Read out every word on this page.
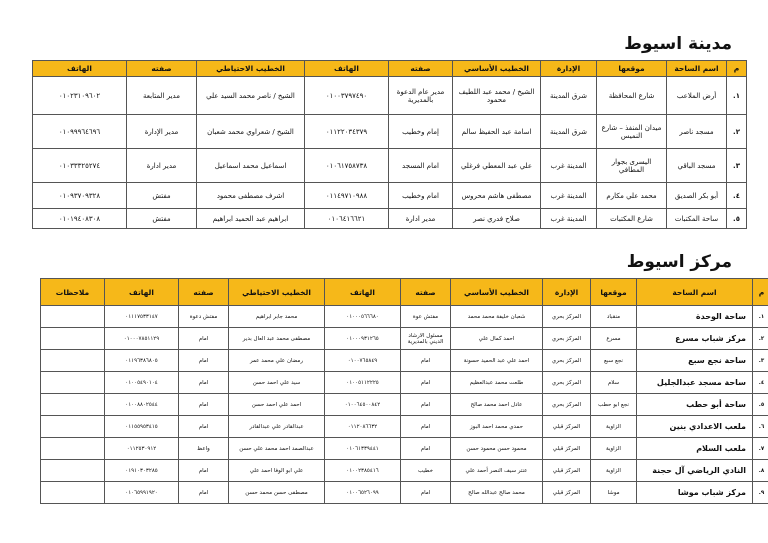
مدينة اسيوط
م	اسم الساحة	موقعها	الإدارة	الخطيب الأساسي	صفته	الهاتف	الخطيب الاحتياطي	صفته	الهاتف
١.	أرض الملاعب	شارع المحافظة	شرق المدينة	الشيخ / محمد عبد اللطيف محمود	مدير عام الدعوة بالمديرية	٠١٠٠٣٧٩٧٤٩٠	الشيخ / ناصر محمد السيد علي	مدير المتابعة	٠١٠٢٣١٠٩٦٠٢
٢.	مسجد ناصر	ميدان المنفذ – شارع النميس	شرق المدينة	اسامة عبد الحفيظ سالم	إمام وخطيب	٠١١٢٢٠٣٤٣٧٩	الشيخ / شعراوي محمد شعبان	مدير الإدارة	٠١٠٩٩٩٦٤٦٩٦
٣.	مسجد الباقي	اليسرى بجوار المطافي	المدينة غرب	علي عبد المعطي فرغلي	امام المسجد	٠١٠٦١٧٥٨٧٣٨	اسماعيل محمد اسماعيل	مدير ادارة	٠١٠٣٣٣٢٥٢٧٤
٤.	أبو بكر الصديق	محمد علي مكارم	المدينة غرب	مصطفى هاشم محروس	امام وخطيب	٠١١٤٩٧١٠٩٨٨	اشرف مصطفى محمود	مفتش	٠١٠٩٣٧٠٩٣٢٨
٥.	ساحة المكتبات	شارع المكتبات	المدينة غرب	صلاح فدري نصر	مدير ادارة	٠١٠٦٤١٦٦٢١	ابراهيم عبد الحميد ابراهيم	مفتش	٠١٠١٩٤٠٨٣٠٨
مركز اسيوط
م	اسم الساحة	موقعها	الإدارة	الخطيب الأساسي	صفته	الهاتف	الخطيب الاحتياطي	صفته	الهاتف	ملاحظات
١.	ساحة الوحدة	منقباد	المركز بحري	شعبان خليفة محمد محمد	مفتش عوة	٠١٠٠٠٥٦٦٦٨٠	محمد جابر ابراهيم	مفتش دعوة	٠١١١٧٥٣٣١٤٧	
٢.	مركز شباب مسرع	مسرع	المركز بحري	احمد كمال علي	مسئول الارشاد الديني بالمديرية	٠١٠٠٠٩٣١٢٦٥	مصطفى محمد عبد العال بدير	امام	٠١٠٠٠٧٨٥١١٢٩	
٣.	ساحة نجع سبع	نجع سبع	المركز بحري	احمد علي عبد الحميد حسونة	امام	٠١٠٠٧٦٥٨٤٩	رمضان علي محمد عمر	امام	٠١١٩٦٣٨٦٨٠٥	
٤.	ساحة مسجد عبدالجليل	سلام	المركز بحري	طلعت محمد عبدالعظيم	امام	٠١٠٠٥١١٢٢٢٥	سيد علي احمد حسن	امام	٠١٠٠٥٤٩٠١٠٤	
٥.	ساحة أبو حطب	نجع ابو حطب	المركز بحري	عادل احمد محمد صالح	امام	٠١٠٠٦٤٥٠٠٨٤٢	احمد علي احمد حسن	امام	٠١٠٠٨٨٠٢٥٤٤	
٦.	ملعب الاعدادي بنين	الزاوية	المركز قبلي	حمدي محمد احمد البوز	امام	٠١١٢٠٨٦٦٣٢	عبدالقادر علي عبدالقادر	امام	٠١١٥٥٩٥٣٤١٥	
٧.	ملعب السلام	الزاوية	المركز قبلي	محمود حسن محمود حسن	امام	٠١٠٦١٣٣٩٤٤١	عبدالصمد احمد محمد علي حسن	واعظ	٠١١٢٥٣٠٩١٢	
٨.	النادي الرياضي آل حجنة	الزاوية	المركز قبلي	عنتر سيف النصر أحمد علي	خطيب	٠١٠٠٢٣٨٥٤١٦	علي ابو الوفا احمد علي	امام	٠١٩١٠٣٠٣٢٨٥	
٩.	مركز شباب موشا	موشا	المركز قبلي	محمد صالح عبدالله صالح	امام	٠١٠٠٦٥٢٦٠٩٩	مصطفى حسن محمد حسن	امام	٠١٠٦٥٩٩١٩٢٠	
